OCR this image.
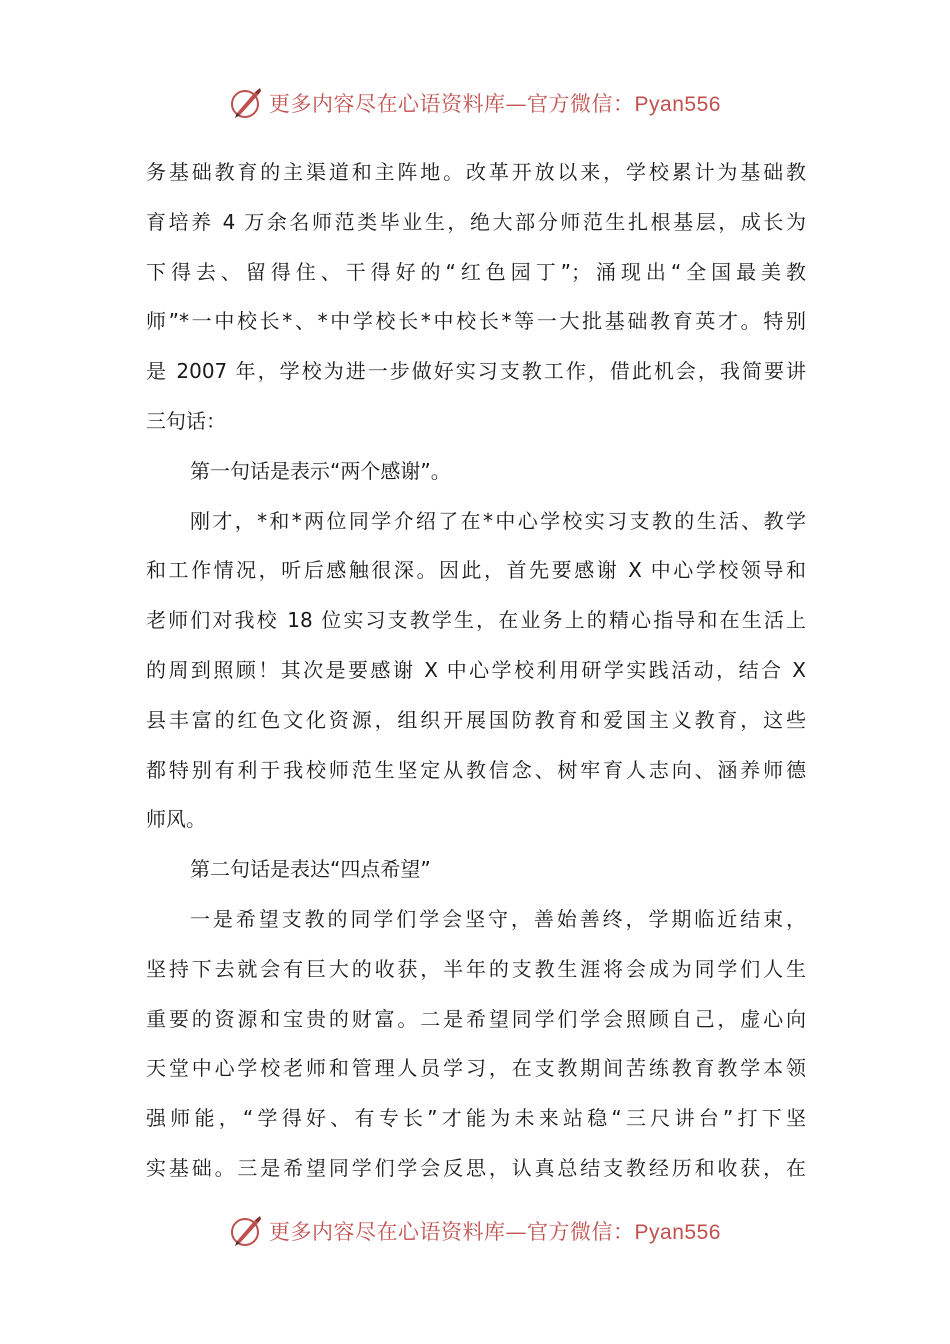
更多内容尽在心语资料库—官方微信：Pyan556
务基础教育的主渠道和主阵地。改革开放以来，学校累计为基础教
育培养 4 万余名师范类毕业生，绝大部分师范生扎根基层，成长为
下得去、留得住、干得好的“红色园丁”；涌现出“全国最美教
师”*一中校长*、*中学校长*中校长*等一大批基础教育英才。特别
是 2007 年，学校为进一步做好实习支教工作，借此机会，我简要讲
三句话：
第一句话是表示“两个感谢”。
刚才，*和*两位同学介绍了在*中心学校实习支教的生活、教学
和工作情况，听后感触很深。因此，首先要感谢 X 中心学校领导和
老师们对我校 18 位实习支教学生，在业务上的精心指导和在生活上
的周到照顾！其次是要感谢 X 中心学校利用研学实践活动，结合 X
县丰富的红色文化资源，组织开展国防教育和爱国主义教育，这些
都特别有利于我校师范生坚定从教信念、树牢育人志向、涵养师德
师风。
第二句话是表达“四点希望”
一是希望支教的同学们学会坚守，善始善终，学期临近结束，
坚持下去就会有巨大的收获，半年的支教生涯将会成为同学们人生
重要的资源和宝贵的财富。二是希望同学们学会照顾自己，虚心向
天堂中心学校老师和管理人员学习，在支教期间苦练教育教学本领
强师能，“学得好、有专长”才能为未来站稳“三尺讲台”打下坚
实基础。三是希望同学们学会反思，认真总结支教经历和收获，在
更多内容尽在心语资料库—官方微信：Pyan556
